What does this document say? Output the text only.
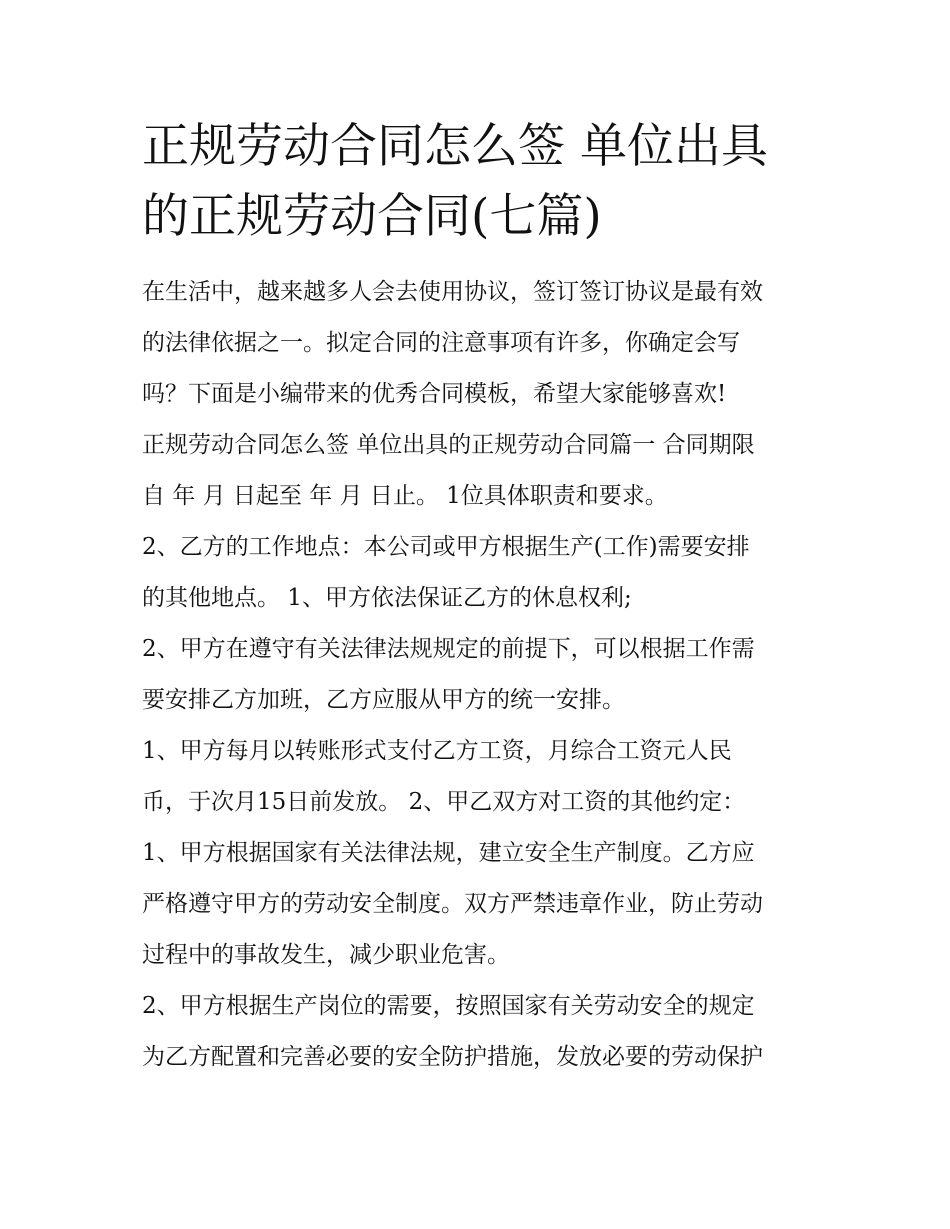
正规劳动合同怎么签 单位出具
的正规劳动合同(七篇)

在生活中，越来越多人会去使用协议，签订签订协议是最有效
的法律依据之一。拟定合同的注意事项有许多，你确定会写
吗？下面是小编带来的优秀合同模板，希望大家能够喜欢!

正规劳动合同怎么签 单位出具的正规劳动合同篇一 合同期限
自 年 月 日起至 年 月 日止。 1位具体职责和要求。

2、乙方的工作地点：本公司或甲方根据生产(工作)需要安排
的其他地点。 1、甲方依法保证乙方的休息权利;

2、甲方在遵守有关法律法规规定的前提下，可以根据工作需
要安排乙方加班，乙方应服从甲方的统一安排。

1、甲方每月以转账形式支付乙方工资，月综合工资元人民
币，于次月15日前发放。 2、甲乙双方对工资的其他约定：

1、甲方根据国家有关法律法规，建立安全生产制度。乙方应
严格遵守甲方的劳动安全制度。双方严禁违章作业，防止劳动
过程中的事故发生，减少职业危害。

2、甲方根据生产岗位的需要，按照国家有关劳动安全的规定
为乙方配置和完善必要的安全防护措施，发放必要的劳动保护
